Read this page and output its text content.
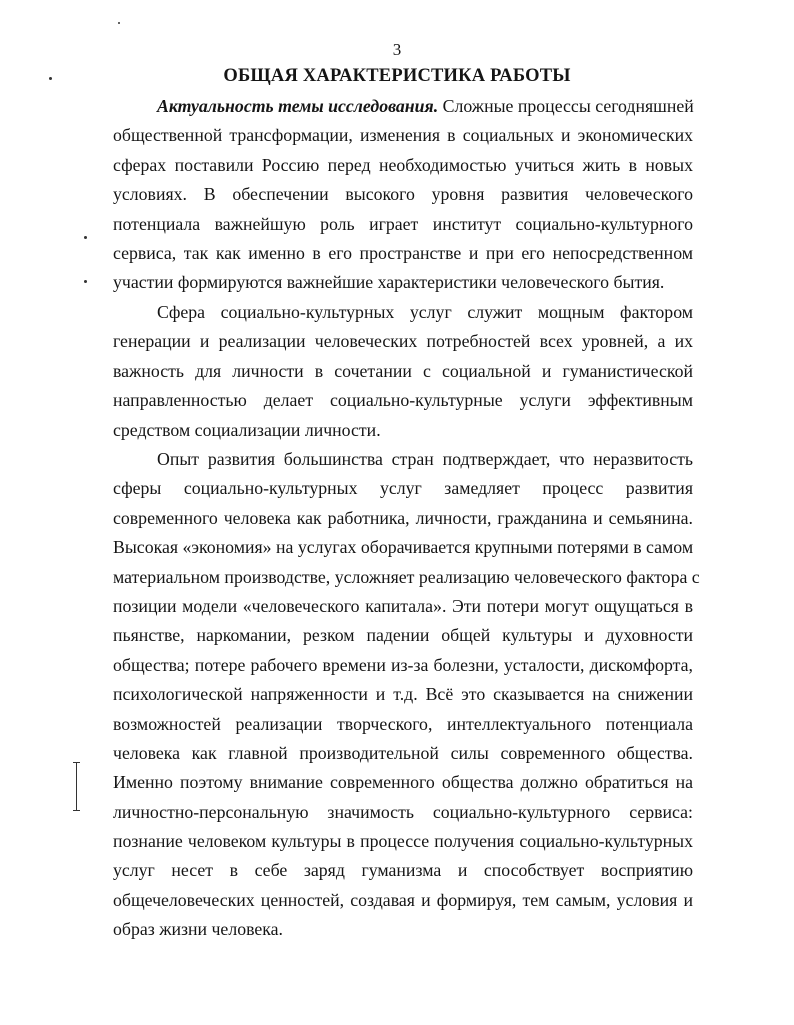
3
ОБЩАЯ ХАРАКТЕРИСТИКА РАБОТЫ
Актуальность темы исследования. Сложные процессы сегодняшней
общественной трансформации, изменения в социальных и экономических
сферах поставили Россию перед необходимостью учиться жить в новых
условиях. В обеспечении высокого уровня развития человеческого
потенциала важнейшую роль играет институт социально-культурного
сервиса, так как именно в его пространстве и при его непосредственном
участии формируются важнейшие характеристики человеческого бытия.
Сфера социально-культурных услуг служит мощным фактором
генерации и реализации человеческих потребностей всех уровней, а их
важность для личности в сочетании с социальной и гуманистической
направленностью делает социально-культурные услуги эффективным
средством социализации личности.
Опыт развития большинства стран подтверждает, что неразвитость
сферы социально-культурных услуг замедляет процесс развития
современного человека как работника, личности, гражданина и семьянина.
Высокая «экономия» на услугах оборачивается крупными потерями в самом
материальном производстве, усложняет реализацию человеческого фактора с
позиции модели «человеческого капитала». Эти потери могут ощущаться в
пьянстве, наркомании, резком падении общей культуры и духовности
общества; потере рабочего времени из-за болезни, усталости, дискомфорта,
психологической напряженности и т.д. Всё это сказывается на снижении
возможностей реализации творческого, интеллектуального потенциала
человека как главной производительной силы современного общества.
Именно поэтому внимание современного общества должно обратиться на
личностно-персональную значимость социально-культурного сервиса:
познание человеком культуры в процессе получения социально-культурных
услуг несет в себе заряд гуманизма и способствует восприятию
общечеловеческих ценностей, создавая и формируя, тем самым, условия и
образ жизни человека.
